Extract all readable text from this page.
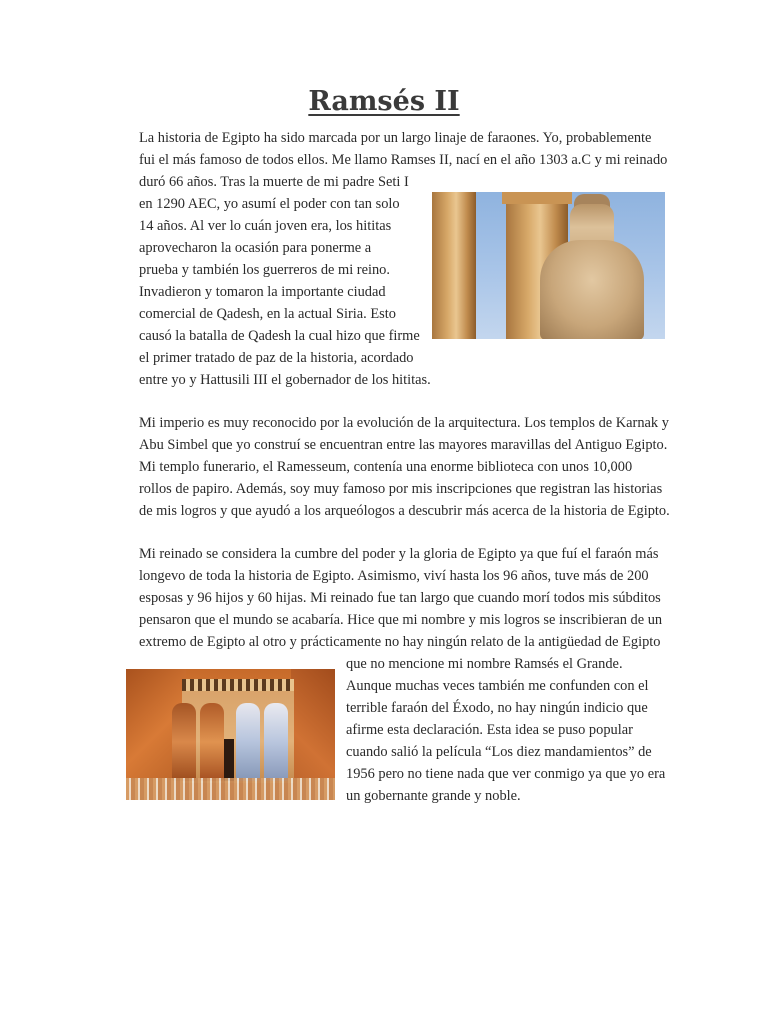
Ramsés II
La historia de Egipto ha sido marcada por un largo linaje de faraones. Yo, probablemente
fui el más famoso de todos ellos. Me llamo Ramses II, nací en el año 1303 a.C y mi reinado
duró 66 años. Tras la muerte de mi padre Seti I
en 1290 AEC, yo asumí el poder con tan solo
14 años. Al ver lo cuán joven era, los hititas
aprovecharon la ocasión para ponerme a
prueba y también los guerreros de mi reino.
Invadieron y tomaron la importante ciudad
comercial de Qadesh, en la actual Siria. Esto
causó la batalla de Qadesh la cual hizo que firme
el primer tratado de paz de la historia, acordado
entre yo y Hattusili III el gobernador de los hititas.
Mi imperio es muy reconocido por la evolución de la arquitectura. Los templos de Karnak y
Abu Simbel que yo construí se encuentran entre las mayores maravillas del Antiguo Egipto.
Mi templo funerario, el Ramesseum, contenía una enorme biblioteca con unos 10,000
rollos de papiro. Además, soy muy famoso por mis inscripciones que registran las historias
de mis logros y que ayudó a los arqueólogos a descubrir más acerca de la historia de Egipto.
Mi reinado se considera la cumbre del poder y la gloria de Egipto ya que fuí el faraón más
longevo de toda la historia de Egipto. Asimismo, viví hasta los 96 años, tuve más de 200
esposas y 96 hijos y 60 hijas. Mi reinado fue tan largo que cuando morí todos mis súbditos
pensaron que el mundo se acabaría. Hice que mi nombre y mis logros se inscribieran de un
extremo de Egipto al otro y prácticamente no hay ningún relato de la antigüedad de Egipto
que no mencione mi nombre Ramsés el Grande.
Aunque muchas veces también me confunden con el
terrible faraón del Éxodo, no hay ningún indicio que
afirme esta declaración. Esta idea se puso popular
cuando salió la película “Los diez mandamientos” de
1956 pero no tiene nada que ver conmigo ya que yo era
un gobernante grande y noble.
